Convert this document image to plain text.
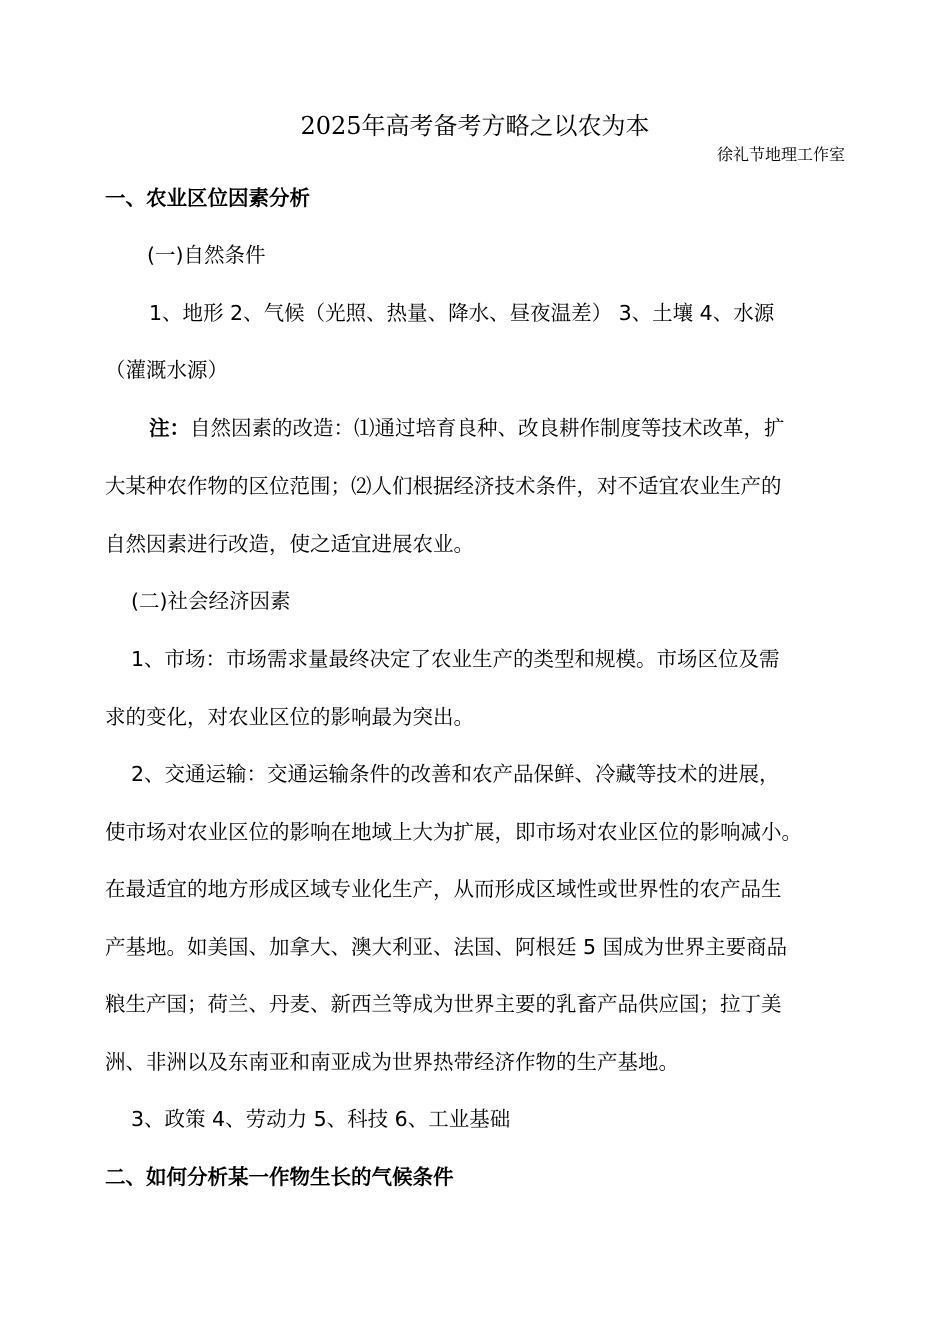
2025年高考备考方略之以农为本
徐礼节地理工作室
一、农业区位因素分析
(一)自然条件
1、地形 2、气候（光照、热量、降水、昼夜温差） 3、土壤 4、水源
（灌溉水源）
注：自然因素的改造：⑴通过培育良种、改良耕作制度等技术改革，扩
大某种农作物的区位范围；⑵人们根据经济技术条件，对不适宜农业生产的
自然因素进行改造，使之适宜进展农业。
(二)社会经济因素
1、市场：市场需求量最终决定了农业生产的类型和规模。市场区位及需
求的变化，对农业区位的影响最为突出。
2、交通运输：交通运输条件的改善和农产品保鲜、冷藏等技术的进展，
使市场对农业区位的影响在地域上大为扩展，即市场对农业区位的影响减小。
在最适宜的地方形成区域专业化生产，从而形成区域性或世界性的农产品生
产基地。如美国、加拿大、澳大利亚、法国、阿根廷 5 国成为世界主要商品
粮生产国；荷兰、丹麦、新西兰等成为世界主要的乳畜产品供应国；拉丁美
洲、非洲以及东南亚和南亚成为世界热带经济作物的生产基地。
3、政策 4、劳动力 5、科技 6、工业基础
二、如何分析某一作物生长的气候条件
